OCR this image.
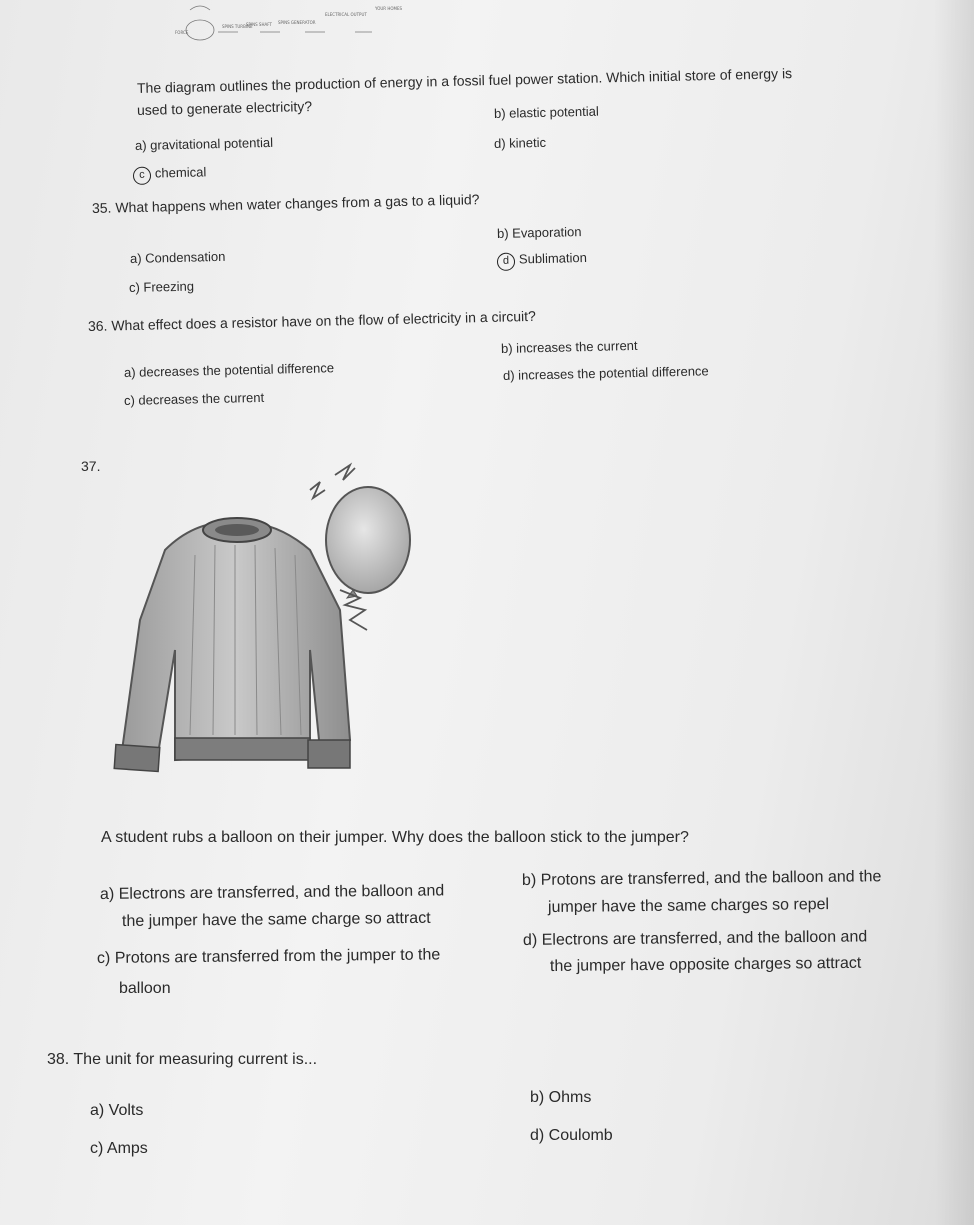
FORCE
SPINS TURBINE
SPINS SHAFT SPINS GENERATOR
ELECTRICAL OUTPUT
YOUR HOMES
The diagram outlines the production of energy in a fossil fuel power station. Which initial store of energy is
used to generate electricity?
a) gravitational potential
b) elastic potential
c chemical
d) kinetic
35. What happens when water changes from a gas to a liquid?
a) Condensation
b) Evaporation
c) Freezing
d Sublimation
36. What effect does a resistor have on the flow of electricity in a circuit?
a) decreases the potential difference
b) increases the current
c) decreases the current
d) increases the potential difference
37.
A student rubs a balloon on their jumper. Why does the balloon stick to the jumper?
a) Electrons are transferred, and the balloon and
the jumper have the same charge so attract
b) Protons are transferred, and the balloon and the
jumper have the same charges so repel
c) Protons are transferred from the jumper to the
balloon
d) Electrons are transferred, and the balloon and
the jumper have opposite charges so attract
38. The unit for measuring current is...
a) Volts
b) Ohms
c) Amps
d) Coulomb
